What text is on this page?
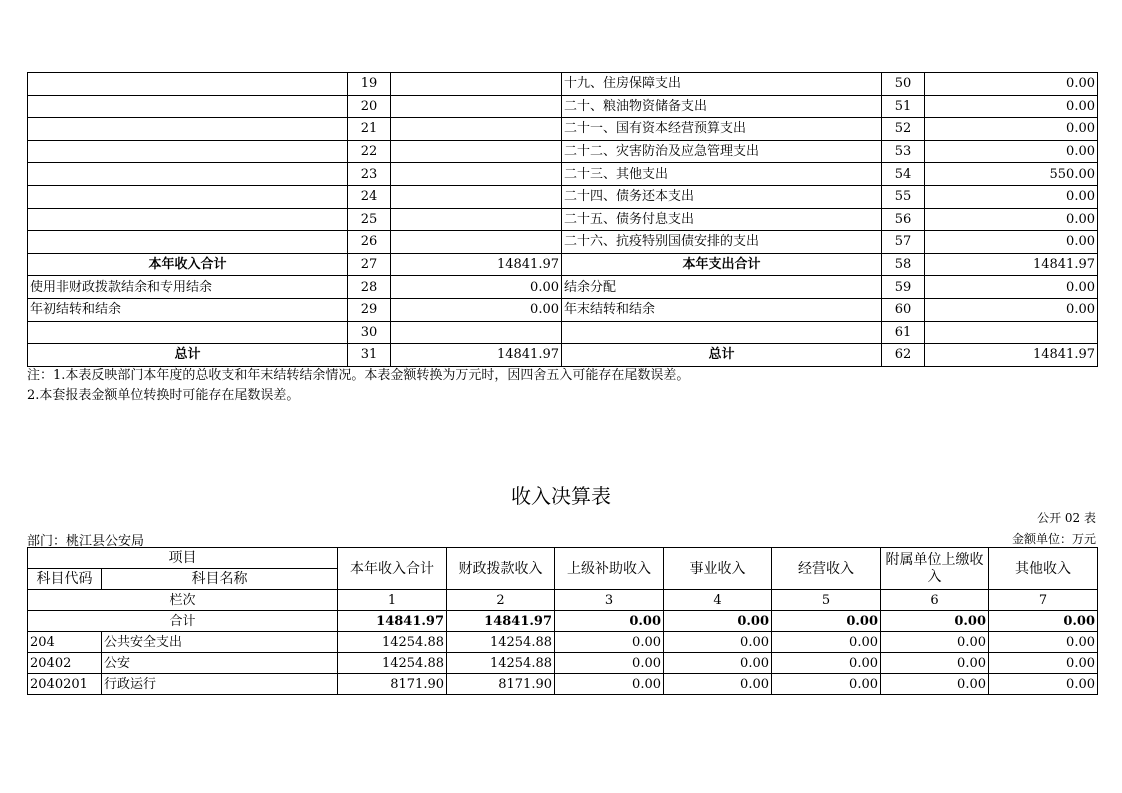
	19		十九、住房保障支出	50	0.00
	20		二十、粮油物资储备支出	51	0.00
	21		二十一、国有资本经营预算支出	52	0.00
	22		二十二、灾害防治及应急管理支出	53	0.00
	23		二十三、其他支出	54	550.00
	24		二十四、债务还本支出	55	0.00
	25		二十五、债务付息支出	56	0.00
	26		二十六、抗疫特别国债安排的支出	57	0.00
本年收入合计	27	14841.97	本年支出合计	58	14841.97
使用非财政拨款结余和专用结余	28	0.00	结余分配	59	0.00
年初结转和结余	29	0.00	年末结转和结余	60	0.00
	30			61	
总计	31	14841.97	总计	62	14841.97
注：1.本表反映部门本年度的总收支和年末结转结余情况。本表金额转换为万元时，因四舍五入可能存在尾数误差。
2.本套报表金额单位转换时可能存在尾数误差。
收入决算表
公开 02 表
部门：桃江县公安局	金额单位：万元
项目		本年收入合计	财政拨款收入	上级补助收入	事业收入	经营收入	附属单位上缴收入	其他收入
科目代码	科目名称							
栏次		1	2	3	4	5	6	7
合计		14841.97	14841.97	0.00	0.00	0.00	0.00	0.00
204	公共安全支出	14254.88	14254.88	0.00	0.00	0.00	0.00	0.00
20402	公安	14254.88	14254.88	0.00	0.00	0.00	0.00	0.00
2040201	行政运行	8171.90	8171.90	0.00	0.00	0.00	0.00	0.00
